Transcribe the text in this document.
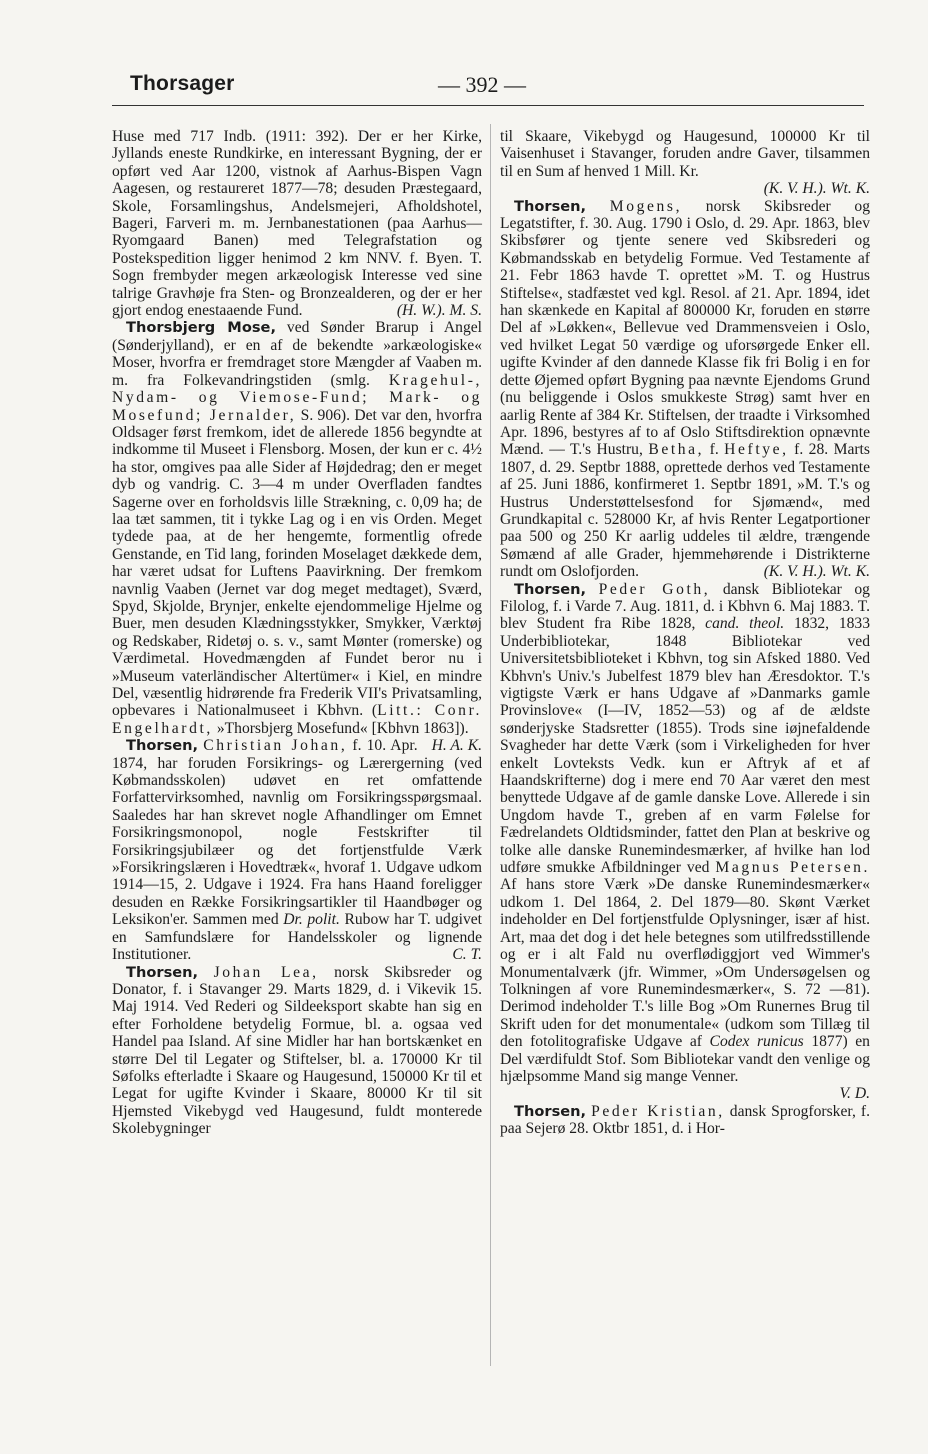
Thorsager	— 392 —

Huse med 717 Indb. (1911: 392). Der er her Kirke, Jyllands eneste Rundkirke, en interessant Bygning, der er opført ved Aar 1200, vistnok af Aarhus-Bispen Vagn Aagesen, og restaureret 1877—78; desuden Præstegaard, Skole, Forsamlingshus, Andelsmejeri, Afholdshotel, Bageri, Farveri m. m. Jernbanestationen (paa Aarhus—Ryomgaard Banen) med Telegrafstation og Postekspedition ligger henimod 2 km NNV. f. Byen. T. Sogn frembyder megen arkæologisk Interesse ved sine talrige Gravhøje fra Sten- og Bronzealderen, og der er her gjort endog enestaaende Fund.	(H. W.). M. S.

Thorsbjerg Mose, ved Sønder Brarup i Angel (Sønderjylland), er en af de bekendte »arkæologiske« Moser, hvorfra er fremdraget store Mængder af Vaaben m. m. fra Folkevandringstiden (smlg. Kragehul-, Nydam- og Viemose-Fund; Mark- og Mosefund; Jernalder, S. 906). Det var den, hvorfra Oldsager først fremkom, idet de allerede 1856 begyndte at indkomme til Museet i Flensborg. Mosen, der kun er c. 4½ ha stor, omgives paa alle Sider af Højdedrag; den er meget dyb og vandrig. C. 3—4 m under Overfladen fandtes Sagerne over en forholdsvis lille Strækning, c. 0,09 ha; de laa tæt sammen, tit i tykke Lag og i en vis Orden. Meget tydede paa, at de her hengemte, formentlig ofrede Genstande, en Tid lang, forinden Moselaget dækkede dem, har været udsat for Luftens Paavirkning. Der fremkom navnlig Vaaben (Jernet var dog meget medtaget), Sværd, Spyd, Skjolde, Brynjer, enkelte ejendommelige Hjelme og Buer, men desuden Klædningsstykker, Smykker, Værktøj og Redskaber, Ridetøj o. s. v., samt Mønter (romerske) og Værdimetal. Hovedmængden af Fundet beror nu i »Museum vaterländischer Altertümer« i Kiel, en mindre Del, væsentlig hidrørende fra Frederik VII's Privatsamling, opbevares i Nationalmuseet i Kbhvn. (Litt.: Conr. Engelhardt, »Thorsbjerg Mosefund« [Kbhvn 1863]).
H. A. K.

Thorsen, Christian Johan, f. 10. Apr. 1874, har foruden Forsikrings- og Lærergerning (ved Købmandsskolen) udøvet en ret omfattende Forfattervirksomhed, navnlig om Forsikringsspørgsmaal. Saaledes har han skrevet nogle Afhandlinger om Emnet Forsikringsmonopol, nogle Festskrifter til Forsikringsjubilæer og det fortjenstfulde Værk »Forsikringslæren i Hovedtræk«, hvoraf 1. Udgave udkom 1914—15, 2. Udgave i 1924. Fra hans Haand foreligger desuden en Række Forsikringsartikler til Haandbøger og Leksikon'er. Sammen med Dr. polit. Rubow har T. udgivet en Samfundslære for Handelsskoler og lignende Institutioner.	C. T.

Thorsen, Johan Lea, norsk Skibsreder og Donator, f. i Stavanger 29. Marts 1829, d. i Vikevik 15. Maj 1914. Ved Rederi og Sildeeksport skabte han sig en efter Forholdene betydelig Formue, bl. a. ogsaa ved Handel paa Island. Af sine Midler har han bortskænket en større Del til Legater og Stiftelser, bl. a. 170000 Kr til Søfolks efterladte i Skaare og Haugesund, 150000 Kr til et Legat for ugifte Kvinder i Skaare, 80000 Kr til sit Hjemsted Vikebygd ved Haugesund, fuldt monterede Skolebygninger

til Skaare, Vikebygd og Haugesund, 100000 Kr til Vaisenhuset i Stavanger, foruden andre Gaver, tilsammen til en Sum af henved 1 Mill. Kr.
(K. V. H.). Wt. K.

Thorsen, Mogens, norsk Skibsreder og Legatstifter, f. 30. Aug. 1790 i Oslo, d. 29. Apr. 1863, blev Skibsfører og tjente senere ved Skibsrederi og Købmandsskab en betydelig Formue. Ved Testamente af 21. Febr 1863 havde T. oprettet »M. T. og Hustrus Stiftelse«, stadfæstet ved kgl. Resol. af 21. Apr. 1894, idet han skænkede en Kapital af 800000 Kr, foruden en større Del af »Løkken«, Bellevue ved Drammensveien i Oslo, ved hvilket Legat 50 værdige og uforsørgede Enker ell. ugifte Kvinder af den dannede Klasse fik fri Bolig i en for dette Øjemed opført Bygning paa nævnte Ejendoms Grund (nu beliggende i Oslos smukkeste Strøg) samt hver en aarlig Rente af 384 Kr. Stiftelsen, der traadte i Virksomhed Apr. 1896, bestyres af to af Oslo Stiftsdirektion opnævnte Mænd. — T.'s Hustru, Betha, f. Heftye, f. 28. Marts 1807, d. 29. Septbr 1888, oprettede derhos ved Testamente af 25. Juni 1886, konfirmeret 1. Septbr 1891, »M. T.'s og Hustrus Understøttelsesfond for Sjømænd«, med Grundkapital c. 528000 Kr, af hvis Renter Legatportioner paa 500 og 250 Kr aarlig uddeles til ældre, trængende Sømænd af alle Grader, hjemmehørende i Distrikterne rundt om Oslofjorden.	(K. V. H.). Wt. K.

Thorsen, Peder Goth, dansk Bibliotekar og Filolog, f. i Varde 7. Aug. 1811, d. i Kbhvn 6. Maj 1883. T. blev Student fra Ribe 1828, cand. theol. 1832, 1833 Underbibliotekar, 1848 Bibliotekar ved Universitetsbiblioteket i Kbhvn, tog sin Afsked 1880. Ved Kbhvn's Univ.'s Jubelfest 1879 blev han Æresdoktor. T.'s vigtigste Værk er hans Udgave af »Danmarks gamle Provinslove« (I—IV, 1852—53) og af de ældste sønderjyske Stadsretter (1855). Trods sine iøjnefaldende Svagheder har dette Værk (som i Virkeligheden for hver enkelt Lovteksts Vedk. kun er Aftryk af et af Haandskrifterne) dog i mere end 70 Aar været den mest benyttede Udgave af de gamle danske Love. Allerede i sin Ungdom havde T., greben af en varm Følelse for Fædrelandets Oldtidsminder, fattet den Plan at beskrive og tolke alle danske Runemindesmærker, af hvilke han lod udføre smukke Afbildninger ved Magnus Petersen. Af hans store Værk »De danske Runemindesmærker« udkom 1. Del 1864, 2. Del 1879—80. Skønt Værket indeholder en Del fortjenstfulde Oplysninger, især af hist. Art, maa det dog i det hele betegnes som utilfredsstillende og er i alt Fald nu overflødiggjort ved Wimmer's Monumentalværk (jfr. Wimmer, »Om Undersøgelsen og Tolkningen af vore Runemindesmærker«, S. 72 —81). Derimod indeholder T.'s lille Bog »Om Runernes Brug til Skrift uden for det monumentale« (udkom som Tillæg til den fotolitografiske Udgave af Codex runicus 1877) en Del værdifuldt Stof. Som Bibliotekar vandt den venlige og hjælpsomme Mand sig mange Venner.
V. D.

Thorsen, Peder Kristian, dansk Sprogforsker, f. paa Sejerø 28. Oktbr 1851, d. i Hor-
